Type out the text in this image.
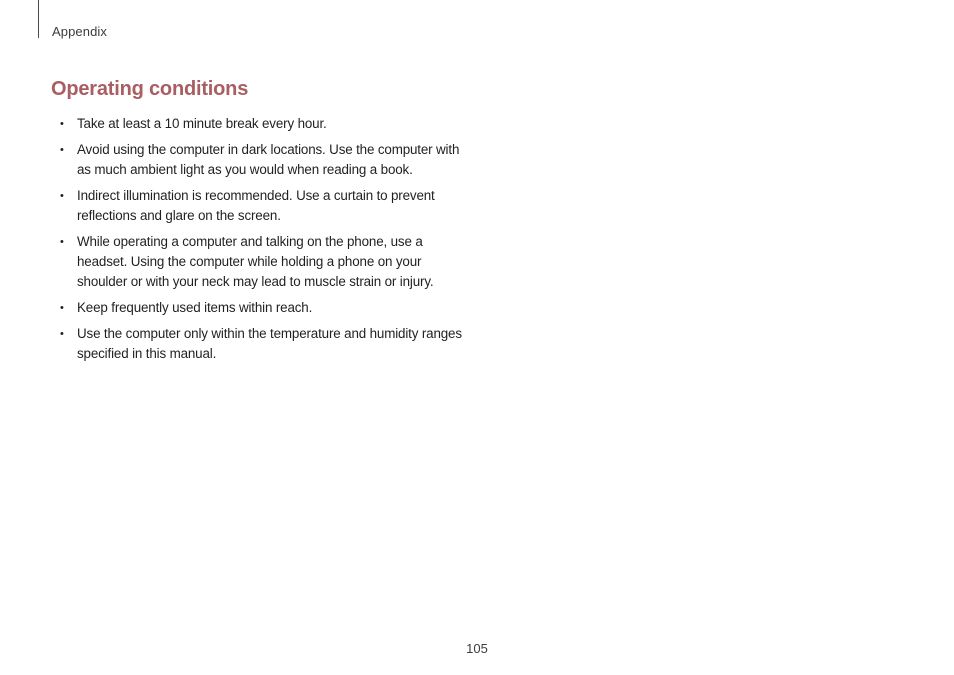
Appendix
Operating conditions
• Take at least a 10 minute break every hour.
• Avoid using the computer in dark locations. Use the computer with as much ambient light as you would when reading a book.
• Indirect illumination is recommended. Use a curtain to prevent reflections and glare on the screen.
• While operating a computer and talking on the phone, use a headset. Using the computer while holding a phone on your shoulder or with your neck may lead to muscle strain or injury.
• Keep frequently used items within reach.
• Use the computer only within the temperature and humidity ranges specified in this manual.
105
